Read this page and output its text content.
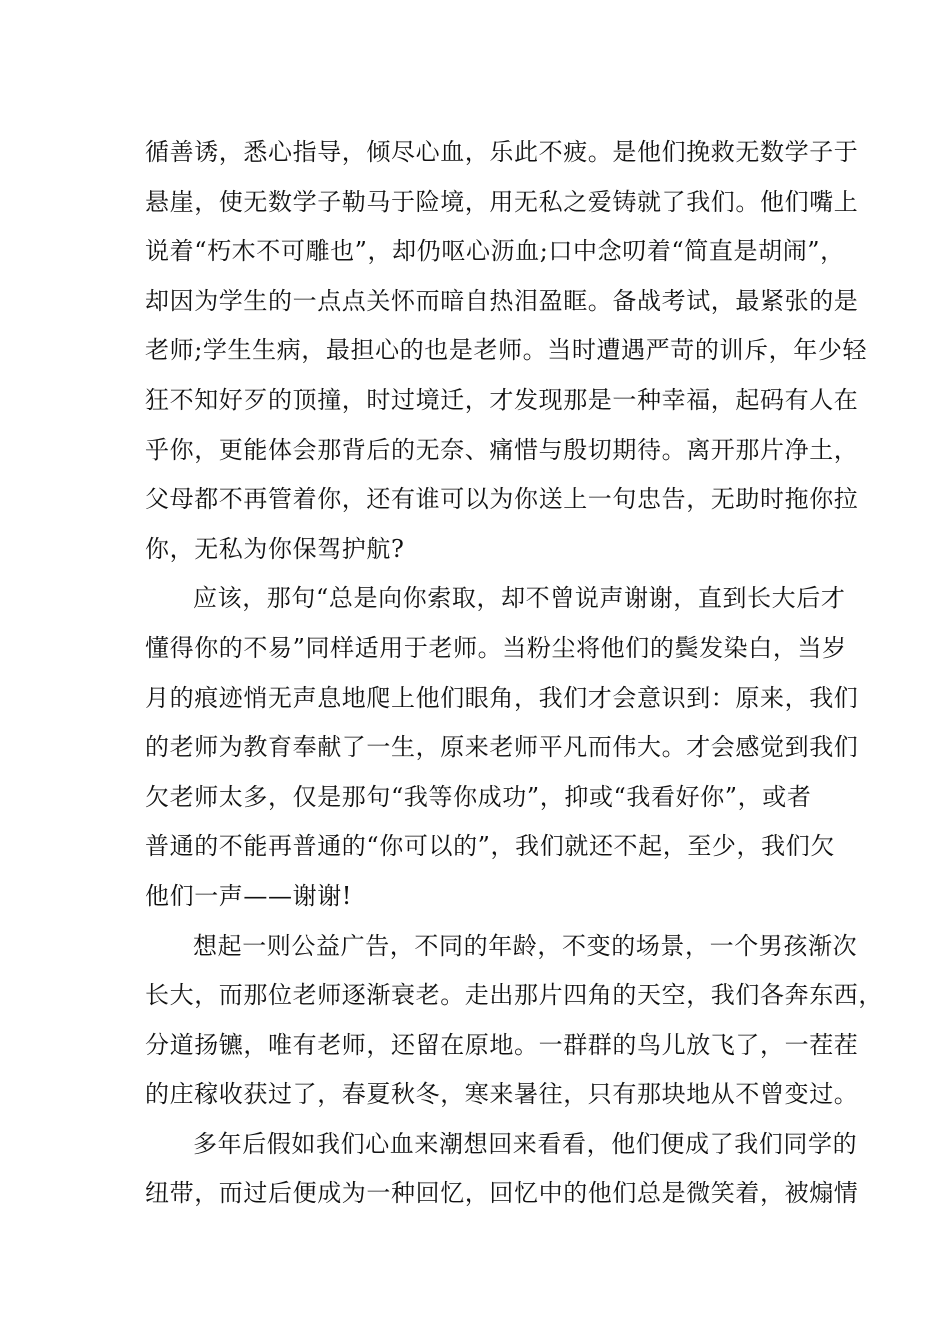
循善诱，悉心指导，倾尽心血，乐此不疲。是他们挽救无数学子于
悬崖，使无数学子勒马于险境，用无私之爱铸就了我们。他们嘴上
说着“朽木不可雕也”，却仍呕心沥血;口中念叨着“简直是胡闹”，
却因为学生的一点点关怀而暗自热泪盈眶。备战考试，最紧张的是
老师;学生生病，最担心的也是老师。当时遭遇严苛的训斥，年少轻
狂不知好歹的顶撞，时过境迁，才发现那是一种幸福，起码有人在
乎你，更能体会那背后的无奈、痛惜与殷切期待。离开那片净土，
父母都不再管着你，还有谁可以为你送上一句忠告，无助时拖你拉
你，无私为你保驾护航?
应该，那句“总是向你索取，却不曾说声谢谢，直到长大后才
懂得你的不易”同样适用于老师。当粉尘将他们的鬓发染白，当岁
月的痕迹悄无声息地爬上他们眼角，我们才会意识到：原来，我们
的老师为教育奉献了一生，原来老师平凡而伟大。才会感觉到我们
欠老师太多，仅是那句“我等你成功”，抑或“我看好你”，或者
普通的不能再普通的“你可以的”，我们就还不起，至少，我们欠
他们一声——谢谢!
想起一则公益广告，不同的年龄，不变的场景，一个男孩渐次
长大，而那位老师逐渐衰老。走出那片四角的天空，我们各奔东西，
分道扬镳，唯有老师，还留在原地。一群群的鸟儿放飞了，一茬茬
的庄稼收获过了，春夏秋冬，寒来暑往，只有那块地从不曾变过。
多年后假如我们心血来潮想回来看看，他们便成了我们同学的
纽带，而过后便成为一种回忆，回忆中的他们总是微笑着，被煽情
